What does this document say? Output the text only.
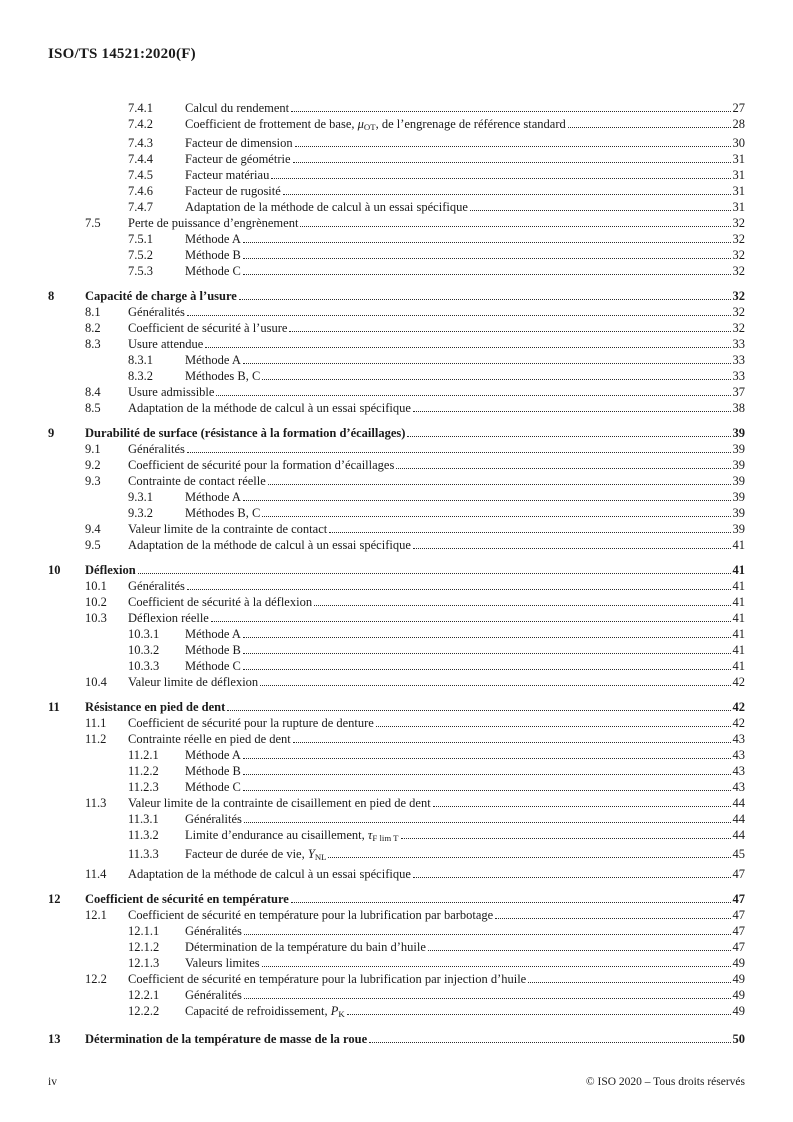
ISO/TS 14521:2020(F)
7.4.1	Calcul du rendement	27
7.4.2	Coefficient de frottement de base, μOT, de l’engrenage de référence standard	28
7.4.3	Facteur de dimension	30
7.4.4	Facteur de géométrie	31
7.4.5	Facteur matériau	31
7.4.6	Facteur de rugosité	31
7.4.7	Adaptation de la méthode de calcul à un essai spécifique	31
7.5	Perte de puissance d’engrènement	32
7.5.1	Méthode A	32
7.5.2	Méthode B	32
7.5.3	Méthode C	32
8	Capacité de charge à l’usure	32
8.1	Généralités	32
8.2	Coefficient de sécurité à l’usure	32
8.3	Usure attendue	33
8.3.1	Méthode A	33
8.3.2	Méthodes B, C	33
8.4	Usure admissible	37
8.5	Adaptation de la méthode de calcul à un essai spécifique	38
9	Durabilité de surface (résistance à la formation d’écaillages)	39
9.1	Généralités	39
9.2	Coefficient de sécurité pour la formation d’écaillages	39
9.3	Contrainte de contact réelle	39
9.3.1	Méthode A	39
9.3.2	Méthodes B, C	39
9.4	Valeur limite de la contrainte de contact	39
9.5	Adaptation de la méthode de calcul à un essai spécifique	41
10	Déflexion	41
10.1	Généralités	41
10.2	Coefficient de sécurité à la déflexion	41
10.3	Déflexion réelle	41
10.3.1	Méthode A	41
10.3.2	Méthode B	41
10.3.3	Méthode C	41
10.4	Valeur limite de déflexion	42
11	Résistance en pied de dent	42
11.1	Coefficient de sécurité pour la rupture de denture	42
11.2	Contrainte réelle en pied de dent	43
11.2.1	Méthode A	43
11.2.2	Méthode B	43
11.2.3	Méthode C	43
11.3	Valeur limite de la contrainte de cisaillement en pied de dent	44
11.3.1	Généralités	44
11.3.2	Limite d’endurance au cisaillement, τF lim T	44
11.3.3	Facteur de durée de vie, YNL	45
11.4	Adaptation de la méthode de calcul à un essai spécifique	47
12	Coefficient de sécurité en température	47
12.1	Coefficient de sécurité en température pour la lubrification par barbotage	47
12.1.1	Généralités	47
12.1.2	Détermination de la température du bain d’huile	47
12.1.3	Valeurs limites	49
12.2	Coefficient de sécurité en température pour la lubrification par injection d’huile	49
12.2.1	Généralités	49
12.2.2	Capacité de refroidissement, PK	49
13	Détermination de la température de masse de la roue	50
iv	© ISO 2020 – Tous droits réservés
